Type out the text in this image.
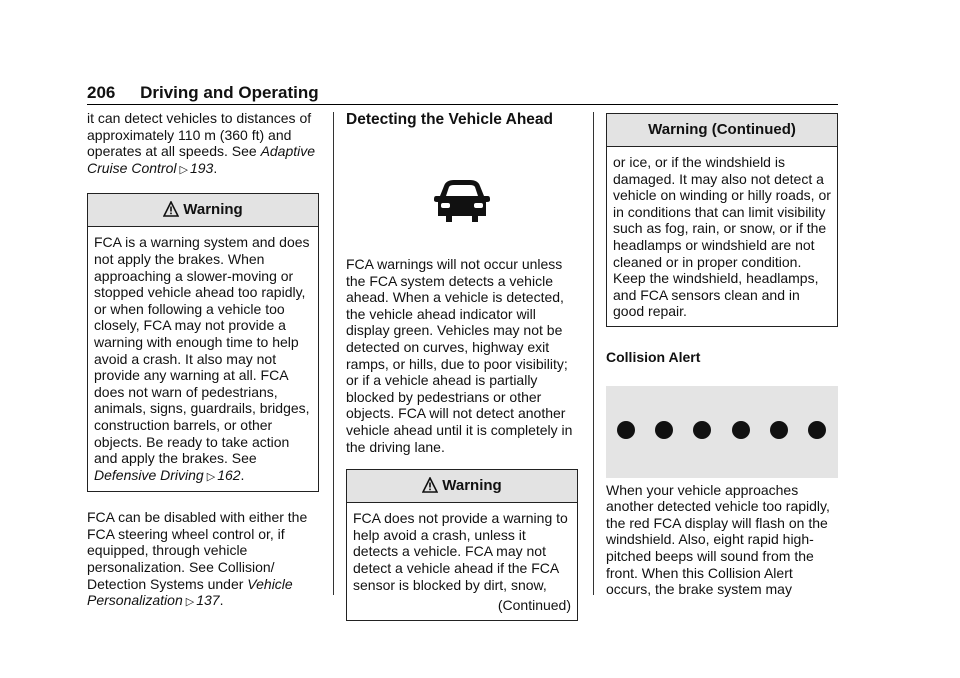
206 Driving and Operating

it can detect vehicles to distances of approximately 110 m (360 ft) and operates at all speeds. See Adaptive Cruise Control ▷ 193.

Warning
FCA is a warning system and does not apply the brakes. When approaching a slower-moving or stopped vehicle ahead too rapidly, or when following a vehicle too closely, FCA may not provide a warning with enough time to help avoid a crash. It also may not provide any warning at all. FCA does not warn of pedestrians, animals, signs, guardrails, bridges, construction barrels, or other objects. Be ready to take action and apply the brakes. See Defensive Driving ▷ 162.

FCA can be disabled with either the FCA steering wheel control or, if equipped, through vehicle personalization. See Collision/ Detection Systems under Vehicle Personalization ▷ 137.

Detecting the Vehicle Ahead

FCA warnings will not occur unless the FCA system detects a vehicle ahead. When a vehicle is detected, the vehicle ahead indicator will display green. Vehicles may not be detected on curves, highway exit ramps, or hills, due to poor visibility; or if a vehicle ahead is partially blocked by pedestrians or other objects. FCA will not detect another vehicle ahead until it is completely in the driving lane.

Warning
FCA does not provide a warning to help avoid a crash, unless it detects a vehicle. FCA may not detect a vehicle ahead if the FCA sensor is blocked by dirt, snow,
(Continued)
Warning (Continued)
or ice, or if the windshield is damaged. It may also not detect a vehicle on winding or hilly roads, or in conditions that can limit visibility such as fog, rain, or snow, or if the headlamps or windshield are not cleaned or in proper condition. Keep the windshield, headlamps, and FCA sensors clean and in good repair.
Collision Alert

When your vehicle approaches another detected vehicle too rapidly, the red FCA display will flash on the windshield. Also, eight rapid high-pitched beeps will sound from the front. When this Collision Alert occurs, the brake system may
